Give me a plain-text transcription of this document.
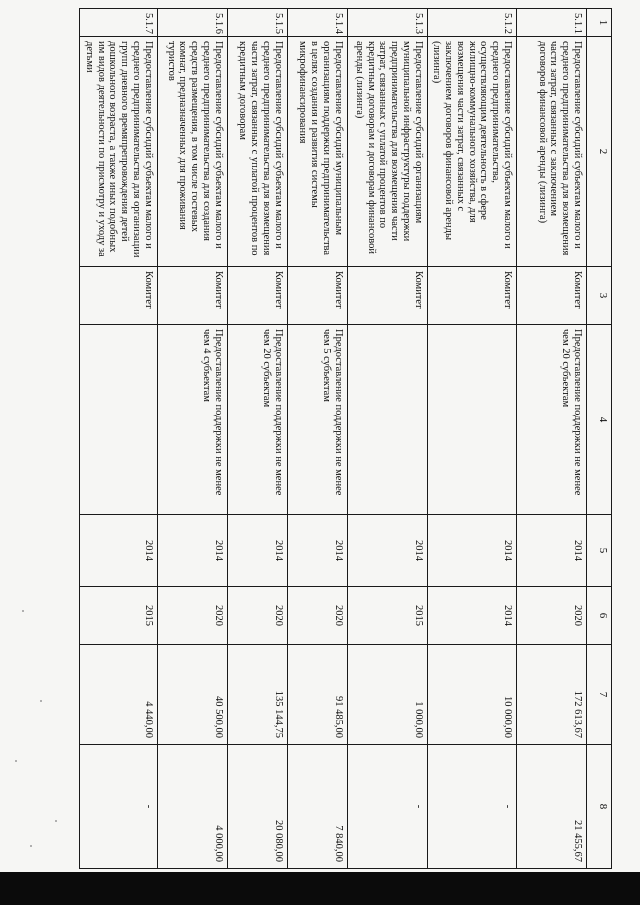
1	2	3	4	5	6	7	8
5.1.1	Предоставление субсидий субъектам малого и среднего предпринимательства для возмещения части затрат, связанных с заключением договоров финансовой аренды (лизинга)	Комитет	Предоставление поддержки не менее чем 20 субъектам	2014	2020	172 613,67	21 455,67
5.1.2	Предоставление субсидий субъектам малого и среднего предпринимательства, осуществляющим деятельность в сфере жилищно-коммунального хозяйства, для возмещения части затрат, связанных с заключением договоров финансовой аренды (лизинга)	Комитет		2014	2014	10 000,00	-
5.1.3	Предоставление субсидий организациям муниципальной инфраструктуры поддержки предпринимательства для возмещения части затрат, связанных с уплатой процентов по кредитным договорам и договорам финансовой аренды (лизинга)	Комитет		2014	2015	1 000,00	-
5.1.4	Предоставление субсидий муниципальным организациям поддержки предпринимательства в целях создания и развития системы микрофинансирования	Комитет	Предоставление поддержки не менее чем 5 субъектам	2014	2020	91 485,00	7 840,00
5.1.5	Предоставление субсидий субъектам малого и среднего предпринимательства для возмещения части затрат, связанных с уплатой процентов по кредитным договорам	Комитет	Предоставление поддержки не менее чем 20 субъектам	2014	2020	135 144,75	20 080,00
5.1.6	Предоставление субсидий субъектам малого и среднего предпринимательства для создания средств размещения, в том числе гостевых комнат, предназначенных для проживания туристов	Комитет	Предоставление поддержки не менее чем 4 субъектам	2014	2020	40 500,00	4 000,00
5.1.7	Предоставление субсидий субъектам малого и среднего предпринимательства для организации групп дневного времяпрепровождения детей дошкольного возраста, а также иных подобных им видов деятельности по присмотру и уходу за детьми	Комитет		2014	2015	4 440,00	-
